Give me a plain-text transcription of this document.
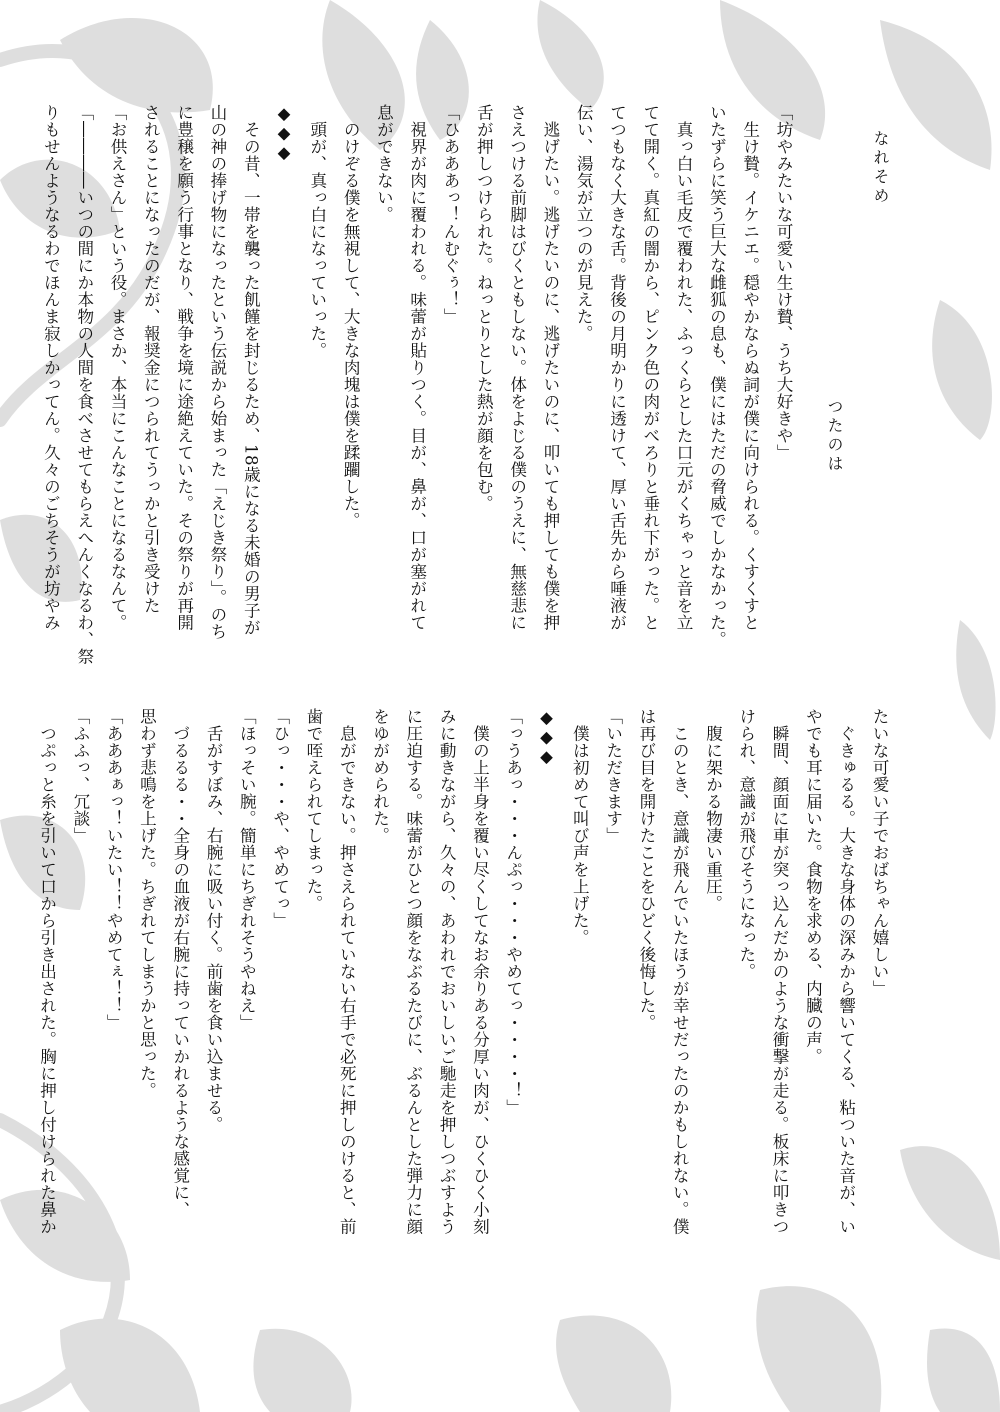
なれそめ
つたのは

「坊やみたいな可愛い生け贄、うち大好きや」

　生け贄。イケニエ。穏やかならぬ詞が僕に向けられる。くすくすと

いたずらに笑う巨大な雌狐の息も、僕にはただの脅威でしかなかった。

　真っ白い毛皮で覆われた、ふっくらとした口元がくちゃっと音を立

てて開く。真紅の闇から、ピンク色の肉がべろりと垂れ下がった。と

てつもなく大きな舌。背後の月明かりに透けて、厚い舌先から唾液が

伝い、湯気が立つのが見えた。

　逃げたい。逃げたいのに、逃げたいのに、叩いても押しても僕を押

さえつける前脚はびくともしない。体をよじる僕のうえに、無慈悲に

舌が押しつけられた。ねっとりとした熱が顔を包む。

「ひあああっ！んむぐぅ！」

　視界が肉に覆われる。味蕾が貼りつく。目が、鼻が、口が塞がれて

息ができない。

　のけぞる僕を無視して、大きな肉塊は僕を蹂躙した。

　頭が、真っ白になっていった。

◆◆◆

　その昔、一帯を襲った飢饉を封じるため、18歳になる未婚の男子が

山の神の捧げ物になったという伝説から始まった「えじき祭り」。のち

に豊穣を願う行事となり、戦争を境に途絶えていた。その祭りが再開

されることになったのだが、報奨金につられてうっかと引き受けた

「お供えさん」という役。まさか、本当にこんなことになるなんて。

「――――いつの間にか本物の人間を食べさせてもらえへんくなるわ、祭

りもせんようなるわでほんま寂しかってん。久々のごちそうが坊やみ

たいな可愛い子でおばちゃん嬉しい」

　ぐきゅるる。大きな身体の深みから響いてくる、粘ついた音が、い

やでも耳に届いた。食物を求める、内臓の声。

　瞬間、顔面に車が突っ込んだかのような衝撃が走る。板床に叩きつ

けられ、意識が飛びそうになった。

　腹に架かる物凄い重圧。

　このとき、意識が飛んでいたほうが幸せだったのかもしれない。僕

は再び目を開けたことをひどく後悔した。

「いただきます」

　僕は初めて叫び声を上げた。

◆◆◆

「っうあっ・・・んぷっ・・・やめてっ・・・・！」

　僕の上半身を覆い尽くしてなお余りある分厚い肉が、ひくひく小刻

みに動きながら、久々の、あわれでおいしいご馳走を押しつぶすよう

に圧迫する。味蕾がひとつ顔をなぶるたびに、ぶるんとした弾力に顔

をゆがめられた。

　息ができない。押さえられていない右手で必死に押しのけると、前

歯で咥えられてしまった。

「ひっ・・・や、やめてっ」

「ほっそい腕。簡単にちぎれそうやねえ」

　舌がすぼみ、右腕に吸い付く。前歯を食い込ませる。

　づるるる・・全身の血液が右腕に持っていかれるような感覚に、

思わず悲鳴を上げた。ちぎれてしまうかと思った。

「あああぁっ！いたい！！やめてぇ！！」

「ふふっ、冗談」

　つぷっと糸を引いて口から引き出された。胸に押し付けられた鼻か
